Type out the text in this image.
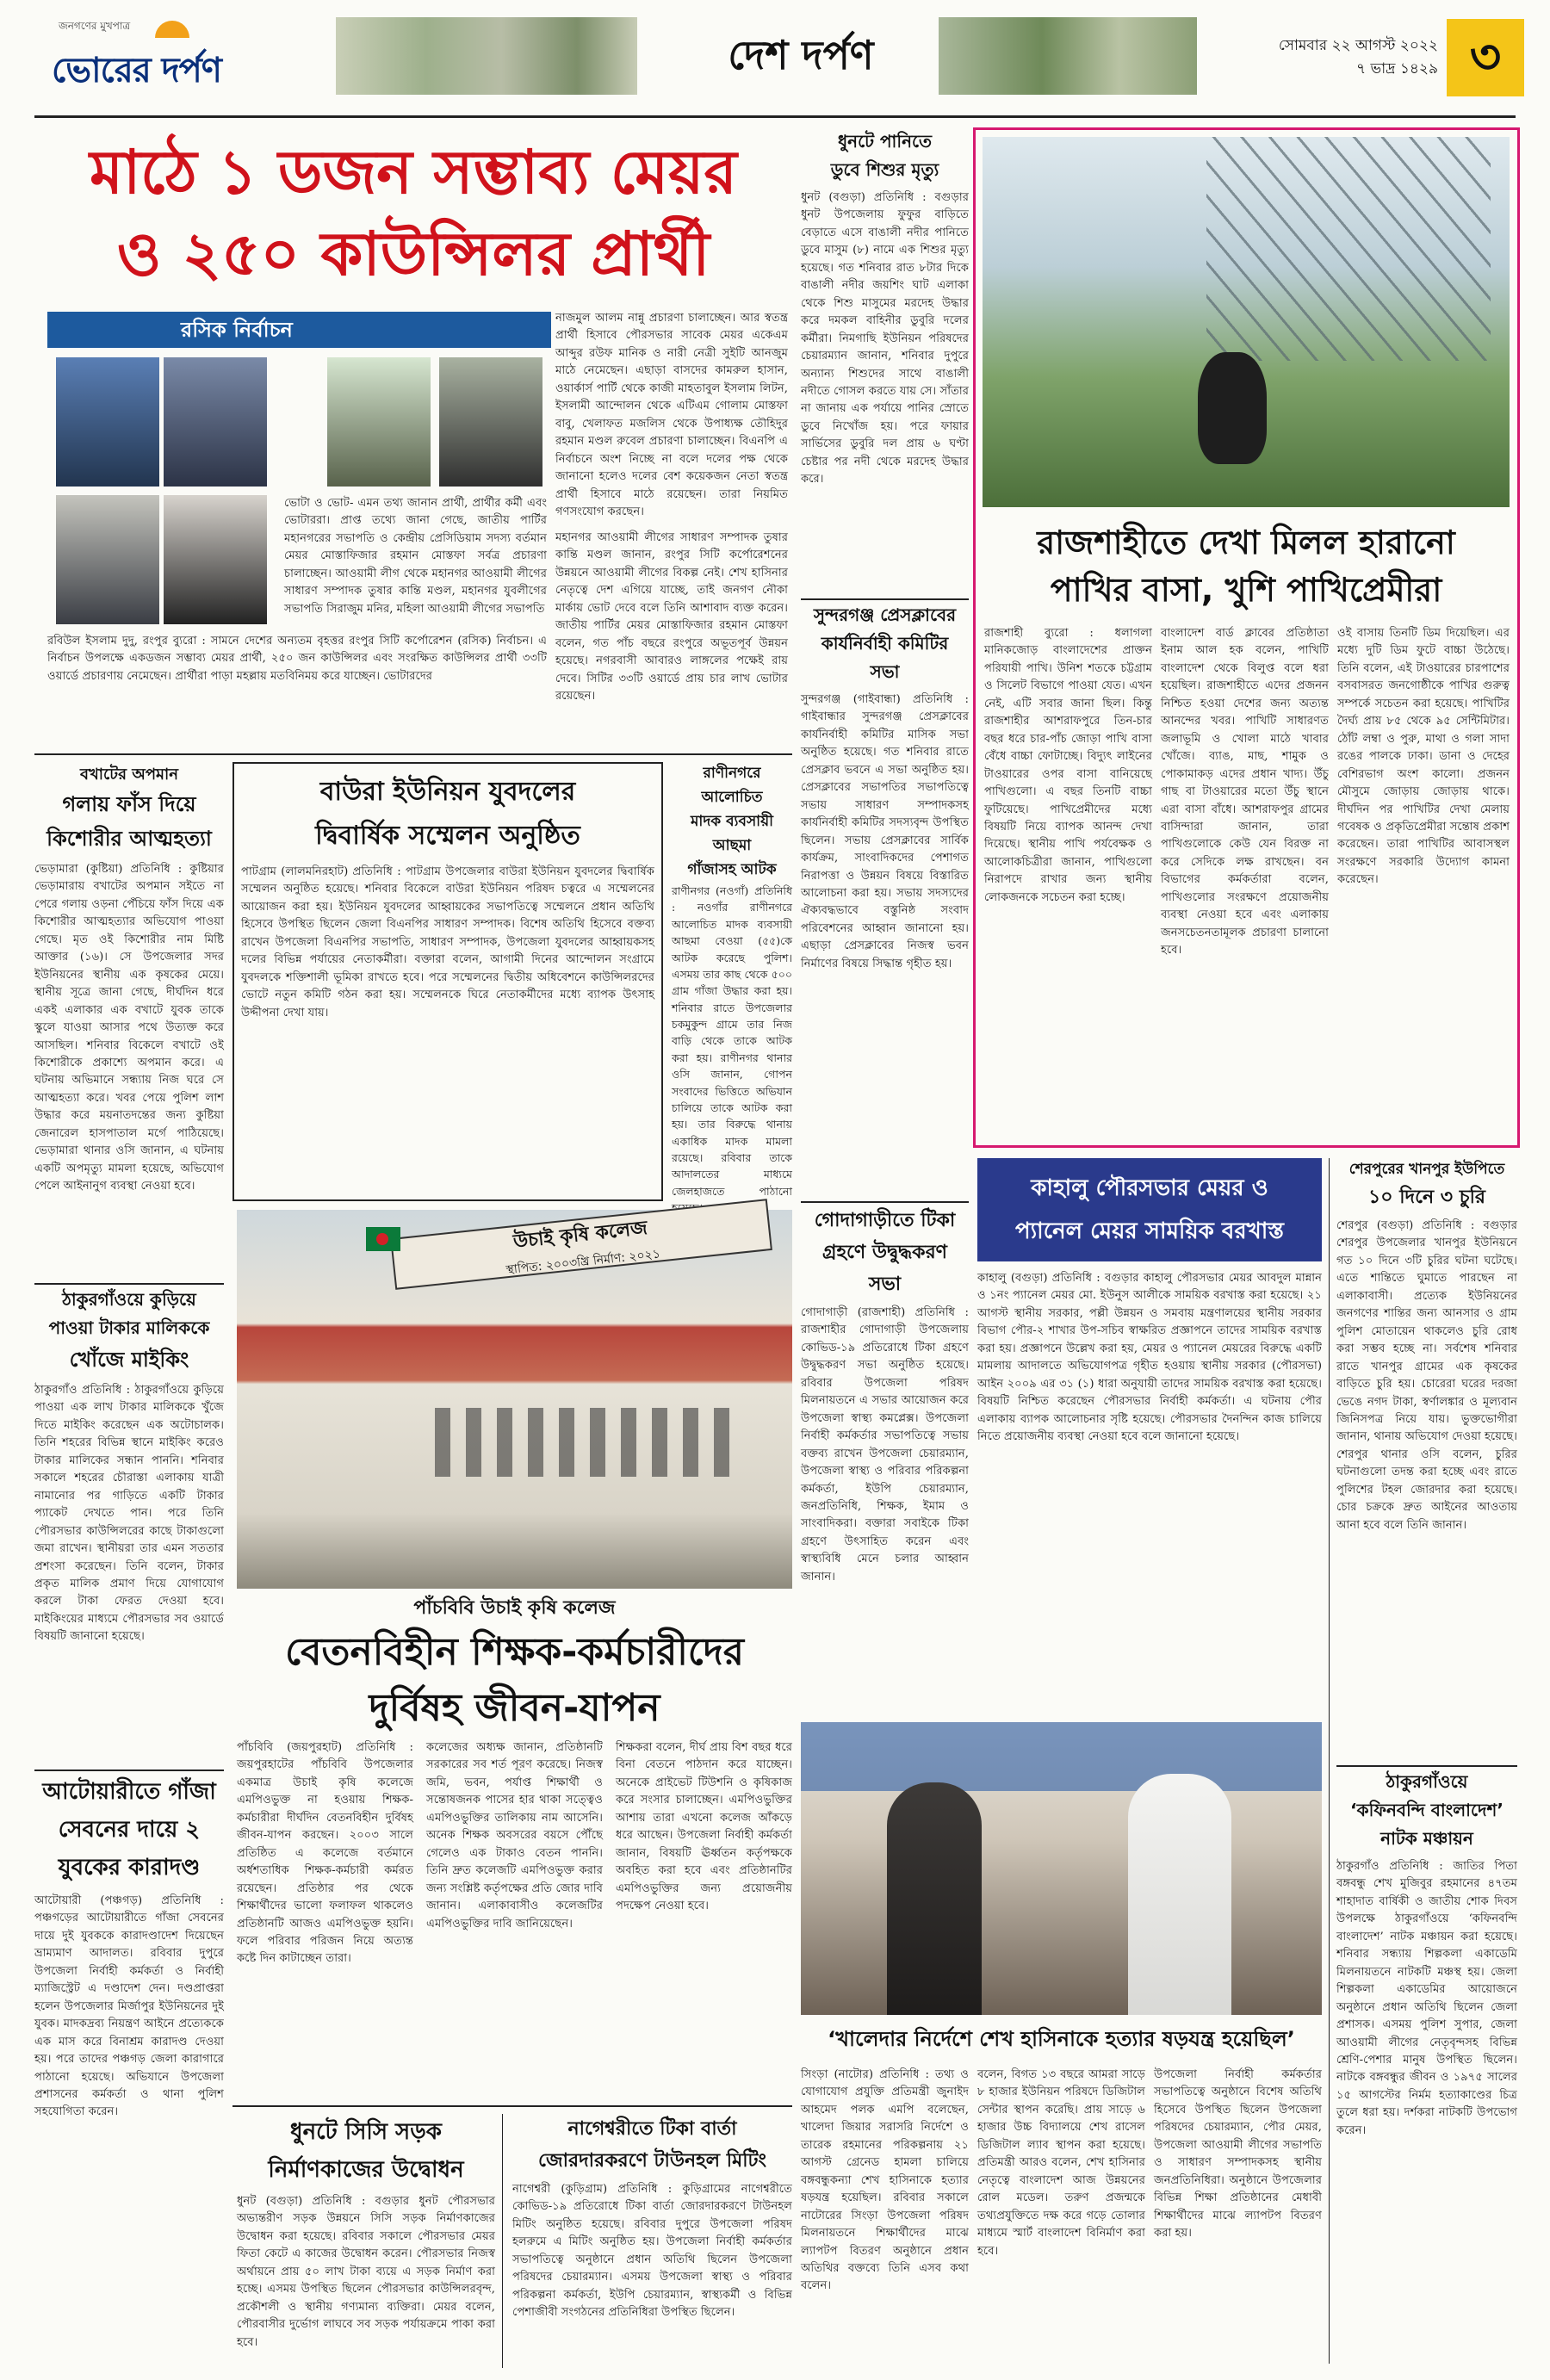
জনগণের মুখপাত্র
ভোরের দর্পণ	দেশ দর্পণ	সোমবার ২২ আগস্ট ২০২২
৭ ভাদ্র ১৪২৯ ৩
মাঠে ১ ডজন সম্ভাব্য মেয়র
ও ২৫০ কাউন্সিলর প্রার্থী
রসিক নির্বাচন
রবিউল ইসলাম দুদু, রংপুর ব্যুরো : সামনে দেশের অন্যতম বৃহত্তর রংপুর সিটি কর্পোরেশন (রসিক) নির্বাচন। এ নির্বাচন উপলক্ষে একডজন সম্ভাব্য মেয়র প্রার্থী, ২৫০ জন কাউন্সিলর এবং সংরক্ষিত কাউন্সিলর প্রার্থী ৩৩টি ওয়ার্ডে প্রচারণায় নেমেছেন। প্রার্থীরা পাড়া মহল্লায় মতবিনিময় করে যাচ্ছেন। ভোটারদের
ভোটা ও ভোট- এমন তথ্য জানান প্রার্থী, প্রার্থীর কর্মী এবং ভোটাররা। প্রাপ্ত তথ্যে জানা গেছে, জাতীয় পার্টির মহানগরের সভাপতি ও কেন্দ্রীয় প্রেসিডিয়াম সদস্য বর্তমান মেয়র মোস্তাফিজার রহমান মোস্তফা সর্বত্র প্রচারণা চালাচ্ছেন। আওয়ামী লীগ থেকে মহানগর আওয়ামী লীগের সাধারণ সম্পাদক তুষার কান্তি মণ্ডল, মহানগর যুবলীগের সভাপতি সিরাজুম মনির, মহিলা আওয়ামী লীগের সভাপতি
নাজমুল আলম নান্নু প্রচারণা চালাচ্ছেন। আর স্বতন্ত্র প্রার্থী হিসাবে পৌরসভার সাবেক মেয়র একেএম আব্দুর রউফ মানিক ও নারী নেত্রী সুইটি আনজুম মাঠে নেমেছেন। এছাড়া বাসদের কামরুল হাসান, ওয়ার্কার্স পার্টি থেকে কাজী মাহতাবুল ইসলাম লিটন, ইসলামী আন্দোলন থেকে এটিএম গোলাম মোস্তফা বাবু, খেলাফত মজলিস থেকে উপাধ্যক্ষ তৌহিদুর রহমান মণ্ডল রুবেল প্রচারণা চালাচ্ছেন। বিএনপি এ নির্বাচনে অংশ নিচ্ছে না বলে দলের পক্ষ থেকে জানানো হলেও দলের বেশ কয়েকজন নেতা স্বতন্ত্র প্রার্থী হিসাবে মাঠে রয়েছেন। তারা নিয়মিত গণসংযোগ করছেন।
মহানগর আওয়ামী লীগের সাধারণ সম্পাদক তুষার কান্তি মণ্ডল জানান, রংপুর সিটি কর্পোরেশনের উন্নয়নে আওয়ামী লীগের বিকল্প নেই। শেখ হাসিনার নেতৃত্বে দেশ এগিয়ে যাচ্ছে, তাই জনগণ নৌকা মার্কায় ভোট দেবে বলে তিনি আশাবাদ ব্যক্ত করেন। জাতীয় পার্টির মেয়র মোস্তাফিজার রহমান মোস্তফা বলেন, গত পাঁচ বছরে রংপুরে অভূতপূর্ব উন্নয়ন হয়েছে। নগরবাসী আবারও লাঙ্গলের পক্ষেই রায় দেবে। সিটির ৩৩টি ওয়ার্ডে প্রায় চার লাখ ভোটার রয়েছেন।
বখাটের অপমান
গলায় ফাঁস দিয়ে
কিশোরীর আত্মহত্যা
ভেড়ামারা (কুষ্টিয়া) প্রতিনিধি : কুষ্টিয়ার ভেড়ামারায় বখাটের অপমান সইতে না পেরে গলায় ওড়না পেঁচিয়ে ফাঁস দিয়ে এক কিশোরীর আত্মহত্যার অভিযোগ পাওয়া গেছে। মৃত ওই কিশোরীর নাম মিষ্টি আক্তার (১৬)। সে উপজেলার সদর ইউনিয়নের স্থানীয় এক কৃষকের মেয়ে। স্থানীয় সূত্রে জানা গেছে, দীর্ঘদিন ধরে একই এলাকার এক বখাটে যুবক তাকে স্কুলে যাওয়া আসার পথে উত্যক্ত করে আসছিল। শনিবার বিকেলে বখাটে ওই কিশোরীকে প্রকাশ্যে অপমান করে। এ ঘটনায় অভিমানে সন্ধ্যায় নিজ ঘরে সে আত্মহত্যা করে। খবর পেয়ে পুলিশ লাশ উদ্ধার করে ময়নাতদন্তের জন্য কুষ্টিয়া জেনারেল হাসপাতাল মর্গে পাঠিয়েছে। ভেড়ামারা থানার ওসি জানান, এ ঘটনায় একটি অপমৃত্যু মামলা হয়েছে, অভিযোগ পেলে আইনানুগ ব্যবস্থা নেওয়া হবে।
ঠাকুরগাঁওয়ে কুড়িয়ে
পাওয়া টাকার মালিককে
খোঁজে মাইকিং
ঠাকুরগাঁও প্রতিনিধি : ঠাকুরগাঁওয়ে কুড়িয়ে পাওয়া এক লাখ টাকার মালিককে খুঁজে দিতে মাইকিং করেছেন এক অটোচালক। তিনি শহরের বিভিন্ন স্থানে মাইকিং করেও টাকার মালিকের সন্ধান পাননি। শনিবার সকালে শহরের চৌরাস্তা এলাকায় যাত্রী নামানোর পর গাড়িতে একটি টাকার প্যাকেট দেখতে পান। পরে তিনি পৌরসভার কাউন্সিলরের কাছে টাকাগুলো জমা রাখেন। স্থানীয়রা তার এমন সততার প্রশংসা করেছেন। তিনি বলেন, টাকার প্রকৃত মালিক প্রমাণ দিয়ে যোগাযোগ করলে টাকা ফেরত দেওয়া হবে। মাইকিংয়ের মাধ্যমে পৌরসভার সব ওয়ার্ডে বিষয়টি জানানো হয়েছে।
আটোয়ারীতে গাঁজা
সেবনের দায়ে ২
যুবকের কারাদণ্ড
আটোয়ারী (পঞ্চগড়) প্রতিনিধি : পঞ্চগড়ের আটোয়ারীতে গাঁজা সেবনের দায়ে দুই যুবককে কারাদণ্ডাদেশ দিয়েছেন ভ্রাম্যমাণ আদালত। রবিবার দুপুরে উপজেলা নির্বাহী কর্মকর্তা ও নির্বাহী ম্যাজিস্ট্রেট এ দণ্ডাদেশ দেন। দণ্ডপ্রাপ্তরা হলেন উপজেলার মির্জাপুর ইউনিয়নের দুই যুবক। মাদকদ্রব্য নিয়ন্ত্রণ আইনে প্রত্যেককে এক মাস করে বিনাশ্রম কারাদণ্ড দেওয়া হয়। পরে তাদের পঞ্চগড় জেলা কারাগারে পাঠানো হয়েছে। অভিযানে উপজেলা প্রশাসনের কর্মকর্তা ও থানা পুলিশ সহযোগিতা করেন।
বাউরা ইউনিয়ন যুবদলের
দ্বিবার্ষিক সম্মেলন অনুষ্ঠিত
পাটগ্রাম (লালমনিরহাট) প্রতিনিধি : পাটগ্রাম উপজেলার বাউরা ইউনিয়ন যুবদলের দ্বিবার্ষিক সম্মেলন অনুষ্ঠিত হয়েছে। শনিবার বিকেলে বাউরা ইউনিয়ন পরিষদ চত্বরে এ সম্মেলনের আয়োজন করা হয়। ইউনিয়ন যুবদলের আহ্বায়কের সভাপতিত্বে সম্মেলনে প্রধান অতিথি হিসেবে উপস্থিত ছিলেন জেলা বিএনপির সাধারণ সম্পাদক। বিশেষ অতিথি হিসেবে বক্তব্য রাখেন উপজেলা বিএনপির সভাপতি, সাধারণ সম্পাদক, উপজেলা যুবদলের আহ্বায়কসহ দলের বিভিন্ন পর্যায়ের নেতাকর্মীরা। বক্তারা বলেন, আগামী দিনের আন্দোলন সংগ্রামে যুবদলকে শক্তিশালী ভূমিকা রাখতে হবে। পরে সম্মেলনের দ্বিতীয় অধিবেশনে কাউন্সিলরদের ভোটে নতুন কমিটি গঠন করা হয়। সম্মেলনকে ঘিরে নেতাকর্মীদের মধ্যে ব্যাপক উৎসাহ উদ্দীপনা দেখা যায়।
রাণীনগরে আলোচিত
মাদক ব্যবসায়ী আছমা
গাঁজাসহ আটক
রাণীনগর (নওগাঁ) প্রতিনিধি : নওগাঁর রাণীনগরে আলোচিত মাদক ব্যবসায়ী আছমা বেওয়া (৫৫)কে আটক করেছে পুলিশ। এসময় তার কাছ থেকে ৫০০ গ্রাম গাঁজা উদ্ধার করা হয়। শনিবার রাতে উপজেলার চকমুকুন্দ গ্রামে তার নিজ বাড়ি থেকে তাকে আটক করা হয়। রাণীনগর থানার ওসি জানান, গোপন সংবাদের ভিত্তিতে অভিযান চালিয়ে তাকে আটক করা হয়। তার বিরুদ্ধে থানায় একাধিক মাদক মামলা রয়েছে। রবিবার তাকে আদালতের মাধ্যমে জেলহাজতে পাঠানো
উচাই কৃষি কলেজ
স্থাপিত: ২০০৩খ্রি নির্মাণ: ২০২১
পাঁচবিবি উচাই কৃষি কলেজ
বেতনবিহীন শিক্ষক-কর্মচারীদের
দুর্বিষহ জীবন-যাপন
পাঁচবিবি (জয়পুরহাট) প্রতিনিধি : জয়পুরহাটের পাঁচবিবি উপজেলার একমাত্র উচাই কৃষি কলেজে এমপিওভুক্ত না হওয়ায় শিক্ষক-কর্মচারীরা দীর্ঘদিন বেতনবিহীন দুর্বিষহ জীবন-যাপন করছেন। ২০০৩ সালে প্রতিষ্ঠিত এ কলেজে বর্তমানে অর্ধশতাধিক শিক্ষক-কর্মচারী কর্মরত রয়েছেন। প্রতিষ্ঠার পর থেকে শিক্ষার্থীদের ভালো ফলাফল থাকলেও প্রতিষ্ঠানটি আজও এমপিওভুক্ত হয়নি। ফলে পরিবার পরিজন নিয়ে অত্যন্ত কষ্টে দিন কাটাচ্ছেন তারা।
কলেজের অধ্যক্ষ জানান, প্রতিষ্ঠানটি সরকারের সব শর্ত পূরণ করেছে। নিজস্ব জমি, ভবন, পর্যাপ্ত শিক্ষার্থী ও সন্তোষজনক পাসের হার থাকা সত্ত্বেও এমপিওভুক্তির তালিকায় নাম আসেনি। অনেক শিক্ষক অবসরের বয়সে পৌঁছে গেলেও এক টাকাও বেতন পাননি। তিনি দ্রুত কলেজটি এমপিওভুক্ত করার জন্য সংশ্লিষ্ট কর্তৃপক্ষের প্রতি জোর দাবি জানান। এলাকাবাসীও কলেজটির এমপিওভুক্তির দাবি জানিয়েছেন।
শিক্ষকরা বলেন, দীর্ঘ প্রায় বিশ বছর ধরে বিনা বেতনে পাঠদান করে যাচ্ছেন। অনেকে প্রাইভেট টিউশনি ও কৃষিকাজ করে সংসার চালাচ্ছেন। এমপিওভুক্তির আশায় তারা এখনো কলেজ আঁকড়ে ধরে আছেন। উপজেলা নির্বাহী কর্মকর্তা জানান, বিষয়টি ঊর্ধ্বতন কর্তৃপক্ষকে অবহিত করা হবে এবং প্রতিষ্ঠানটির এমপিওভুক্তির জন্য প্রয়োজনীয় পদক্ষেপ নেওয়া হবে।
ধুনটে সিসি সড়ক
নির্মাণকাজের উদ্বোধন
ধুনট (বগুড়া) প্রতিনিধি : বগুড়ার ধুনট পৌরসভার অভ্যন্তরীণ সড়ক উন্নয়নে সিসি সড়ক নির্মাণকাজের উদ্বোধন করা হয়েছে। রবিবার সকালে পৌরসভার মেয়র ফিতা কেটে এ কাজের উদ্বোধন করেন। পৌরসভার নিজস্ব অর্থায়নে প্রায় ৫০ লাখ টাকা ব্যয়ে এ সড়ক নির্মাণ করা হচ্ছে। এসময় উপস্থিত ছিলেন পৌরসভার কাউন্সিলরবৃন্দ, প্রকৌশলী ও স্থানীয় গণ্যমান্য ব্যক্তিরা। মেয়র বলেন, পৌরবাসীর দুর্ভোগ লাঘবে সব সড়ক পর্যায়ক্রমে পাকা করা হবে।
নাগেশ্বরীতে টিকা বার্তা
জোরদারকরণে টাউনহল মিটিং
নাগেশ্বরী (কুড়িগ্রাম) প্রতিনিধি : কুড়িগ্রামের নাগেশ্বরীতে কোভিড-১৯ প্রতিরোধে টিকা বার্তা জোরদারকরণে টাউনহল মিটিং অনুষ্ঠিত হয়েছে। রবিবার দুপুরে উপজেলা পরিষদ হলরুমে এ মিটিং অনুষ্ঠিত হয়। উপজেলা নির্বাহী কর্মকর্তার সভাপতিত্বে অনুষ্ঠানে প্রধান অতিথি ছিলেন উপজেলা পরিষদের চেয়ারম্যান। এসময় উপজেলা স্বাস্থ্য ও পরিবার পরিকল্পনা কর্মকর্তা, ইউপি চেয়ারম্যান, স্বাস্থ্যকর্মী ও বিভিন্ন পেশাজীবী সংগঠনের প্রতিনিধিরা উপস্থিত ছিলেন।
ধুনটে পানিতে
ডুবে শিশুর মৃত্যু
ধুনট (বগুড়া) প্রতিনিধি : বগুড়ার ধুনট উপজেলায় ফুফুর বাড়িতে বেড়াতে এসে বাঙালী নদীর পানিতে ডুবে মাসুম (৮) নামে এক শিশুর মৃত্যু হয়েছে। গত শনিবার রাত ৮টার দিকে বাঙালী নদীর জয়শিং ঘাট এলাকা থেকে শিশু মাসুমের মরদেহ উদ্ধার করে দমকল বাহিনীর ডুবুরি দলের কর্মীরা। নিমগাছি ইউনিয়ন পরিষদের চেয়ারম্যান জানান, শনিবার দুপুরে অন্যান্য শিশুদের সাথে বাঙালী নদীতে গোসল করতে যায় সে। সাঁতার না জানায় এক পর্যায়ে পানির স্রোতে ডুবে নিখোঁজ হয়। পরে ফায়ার সার্ভিসের ডুবুরি দল প্রায় ৬ ঘণ্টা চেষ্টার পর নদী থেকে মরদেহ উদ্ধার করে।
সুন্দরগঞ্জ প্রেসক্লাবের
কার্যনির্বাহী কমিটির
সভা
সুন্দরগঞ্জ (গাইবান্ধা) প্রতিনিধি : গাইবান্ধার সুন্দরগঞ্জ প্রেসক্লাবের কার্যনির্বাহী কমিটির মাসিক সভা অনুষ্ঠিত হয়েছে। গত শনিবার রাতে প্রেসক্লাব ভবনে এ সভা অনুষ্ঠিত হয়। প্রেসক্লাবের সভাপতির সভাপতিত্বে সভায় সাধারণ সম্পাদকসহ কার্যনির্বাহী কমিটির সদস্যবৃন্দ উপস্থিত ছিলেন। সভায় প্রেসক্লাবের সার্বিক কার্যক্রম, সাংবাদিকদের পেশাগত নিরাপত্তা ও উন্নয়ন বিষয়ে বিস্তারিত আলোচনা করা হয়। সভায় সদস্যদের ঐক্যবদ্ধভাবে বস্তুনিষ্ঠ সংবাদ পরিবেশনের আহ্বান জানানো হয়। এছাড়া প্রেসক্লাবের নিজস্ব ভবন নির্মাণের বিষয়ে সিদ্ধান্ত গৃহীত হয়।
গোদাগাড়ীতে টিকা
গ্রহণে উদ্বুদ্ধকরণ
সভা
গোদাগাড়ী (রাজশাহী) প্রতিনিধি : রাজশাহীর গোদাগাড়ী উপজেলায় কোভিড-১৯ প্রতিরোধে টিকা গ্রহণে উদ্বুদ্ধকরণ সভা অনুষ্ঠিত হয়েছে। রবিবার উপজেলা পরিষদ মিলনায়তনে এ সভার আয়োজন করে উপজেলা স্বাস্থ্য কমপ্লেক্স। উপজেলা নির্বাহী কর্মকর্তার সভাপতিত্বে সভায় বক্তব্য রাখেন উপজেলা চেয়ারম্যান, উপজেলা স্বাস্থ্য ও পরিবার পরিকল্পনা কর্মকর্তা, ইউপি চেয়ারম্যান, জনপ্রতিনিধি, শিক্ষক, ইমাম ও সাংবাদিকরা। বক্তারা সবাইকে টিকা গ্রহণে উৎসাহিত করেন এবং স্বাস্থ্যবিধি মেনে চলার আহ্বান জানান।
রাজশাহীতে দেখা মিলল হারানো
পাখির বাসা, খুশি পাখিপ্রেমীরা
রাজশাহী ব্যুরো : ধলাগলা মানিকজোড় বাংলাদেশের প্রাক্তন পরিযায়ী পাখি। উনিশ শতকে চট্টগ্রাম ও সিলেট বিভাগে পাওয়া যেত। এখন নেই, এটি সবার জানা ছিল। কিন্তু রাজশাহীর আশরাফপুরে তিন-চার বছর ধরে চার-পাঁচ জোড়া পাখি বাসা বেঁধে বাচ্চা ফোটাচ্ছে। বিদ্যুৎ লাইনের টাওয়ারের ওপর বাসা বানিয়েছে পাখিগুলো। এ বছর তিনটি বাচ্চা ফুটিয়েছে। পাখিপ্রেমীদের মধ্যে বিষয়টি নিয়ে ব্যাপক আনন্দ দেখা দিয়েছে। স্থানীয় পাখি পর্যবেক্ষক ও আলোকচিত্রীরা জানান, পাখিগুলো নিরাপদে রাখার জন্য স্থানীয় লোকজনকে সচেতন করা হচ্ছে।
বাংলাদেশ বার্ড ক্লাবের প্রতিষ্ঠাতা ইনাম আল হক বলেন, পাখিটি বাংলাদেশ থেকে বিলুপ্ত বলে ধরা হয়েছিল। রাজশাহীতে এদের প্রজনন নিশ্চিত হওয়া দেশের জন্য অত্যন্ত আনন্দের খবর। পাখিটি সাধারণত জলাভূমি ও খোলা মাঠে খাবার খোঁজে। ব্যাঙ, মাছ, শামুক ও পোকামাকড় এদের প্রধান খাদ্য। উঁচু গাছ বা টাওয়ারের মতো উঁচু স্থানে এরা বাসা বাঁধে। আশরাফপুর গ্রামের বাসিন্দারা জানান, তারা পাখিগুলোকে কেউ যেন বিরক্ত না করে সেদিকে লক্ষ রাখছেন। বন বিভাগের কর্মকর্তারা বলেন, পাখিগুলোর সংরক্ষণে প্রয়োজনীয় ব্যবস্থা নেওয়া হবে এবং এলাকায় জনসচেতনতামূলক প্রচারণা চালানো হবে।
ওই বাসায় তিনটি ডিম দিয়েছিল। এর মধ্যে দুটি ডিম ফুটে বাচ্চা উঠেছে। তিনি বলেন, এই টাওয়ারের চারপাশের বসবাসরত জনগোষ্ঠীকে পাখির গুরুত্ব সম্পর্কে সচেতন করা হয়েছে। পাখিটির দৈর্ঘ্য প্রায় ৮৫ থেকে ৯৫ সেন্টিমিটার। ঠোঁট লম্বা ও পুরু, মাথা ও গলা সাদা রঙের পালকে ঢাকা। ডানা ও দেহের বেশিরভাগ অংশ কালো। প্রজনন মৌসুমে জোড়ায় জোড়ায় থাকে। দীর্ঘদিন পর পাখিটির দেখা মেলায় গবেষক ও প্রকৃতিপ্রেমীরা সন্তোষ প্রকাশ করেছেন। তারা পাখিটির আবাসস্থল সংরক্ষণে সরকারি উদ্যোগ কামনা করেছেন।
কাহালু পৌরসভার মেয়র ও
প্যানেল মেয়র সাময়িক বরখাস্ত
কাহালু (বগুড়া) প্রতিনিধি : বগুড়ার কাহালু পৌরসভার মেয়র আবদুল মান্নান ও ১নং প্যানেল মেয়র মো. ইউনুস আলীকে সাময়িক বরখাস্ত করা হয়েছে। ২১ আগস্ট স্থানীয় সরকার, পল্লী উন্নয়ন ও সমবায় মন্ত্রণালয়ের স্থানীয় সরকার বিভাগ পৌর-২ শাখার উপ-সচিব স্বাক্ষরিত প্রজ্ঞাপনে তাদের সাময়িক বরখাস্ত করা হয়। প্রজ্ঞাপনে উল্লেখ করা হয়, মেয়র ও প্যানেল মেয়রের বিরুদ্ধে একটি মামলায় আদালতে অভিযোগপত্র গৃহীত হওয়ায় স্থানীয় সরকার (পৌরসভা) আইন ২০০৯ এর ৩১ (১) ধারা অনুযায়ী তাদের সাময়িক বরখাস্ত করা হয়েছে। বিষয়টি নিশ্চিত করেছেন পৌরসভার নির্বাহী কর্মকর্তা। এ ঘটনায় পৌর এলাকায় ব্যাপক আলোচনার সৃষ্টি হয়েছে। পৌরসভার দৈনন্দিন কাজ চালিয়ে নিতে প্রয়োজনীয় ব্যবস্থা নেওয়া হবে বলে জানানো হয়েছে।
শেরপুরের খানপুর ইউপিতে
১০ দিনে ৩ চুরি
শেরপুর (বগুড়া) প্রতিনিধি : বগুড়ার শেরপুর উপজেলার খানপুর ইউনিয়নে গত ১০ দিনে ৩টি চুরির ঘটনা ঘটেছে। এতে শান্তিতে ঘুমাতে পারছেন না এলাকাবাসী। প্রত্যেক ইউনিয়নের জনগণের শান্তির জন্য আনসার ও গ্রাম পুলিশ মোতায়েন থাকলেও চুরি রোধ করা সম্ভব হচ্ছে না। সর্বশেষ শনিবার রাতে খানপুর গ্রামের এক কৃষকের বাড়িতে চুরি হয়। চোরেরা ঘরের দরজা ভেঙে নগদ টাকা, স্বর্ণালঙ্কার ও মূল্যবান জিনিসপত্র নিয়ে যায়। ভুক্তভোগীরা জানান, থানায় অভিযোগ দেওয়া হয়েছে। শেরপুর থানার ওসি বলেন, চুরির ঘটনাগুলো তদন্ত করা হচ্ছে এবং রাতে পুলিশের টহল জোরদার করা হয়েছে। চোর চক্রকে দ্রুত আইনের আওতায় আনা হবে বলে তিনি জানান।
ঠাকুরগাঁওয়ে
‘কফিনবন্দি বাংলাদেশ’
নাটক মঞ্চায়ন
ঠাকুরগাঁও প্রতিনিধি : জাতির পিতা বঙ্গবন্ধু শেখ মুজিবুর রহমানের ৪৭তম শাহাদাত বার্ষিকী ও জাতীয় শোক দিবস উপলক্ষে ঠাকুরগাঁওয়ে ‘কফিনবন্দি বাংলাদেশ’ নাটক মঞ্চায়ন করা হয়েছে। শনিবার সন্ধ্যায় শিল্পকলা একাডেমি মিলনায়তনে নাটকটি মঞ্চস্থ হয়। জেলা শিল্পকলা একাডেমির আয়োজনে অনুষ্ঠানে প্রধান অতিথি ছিলেন জেলা প্রশাসক। এসময় পুলিশ সুপার, জেলা আওয়ামী লীগের নেতৃবৃন্দসহ বিভিন্ন শ্রেণি-পেশার মানুষ উপস্থিত ছিলেন। নাটকে বঙ্গবন্ধুর জীবন ও ১৯৭৫ সালের ১৫ আগস্টের নির্মম হত্যাকাণ্ডের চিত্র তুলে ধরা হয়। দর্শকরা নাটকটি উপভোগ করেন।
‘খালেদার নির্দেশে শেখ হাসিনাকে হত্যার ষড়যন্ত্র হয়েছিল’
সিংড়া (নাটোর) প্রতিনিধি : তথ্য ও যোগাযোগ প্রযুক্তি প্রতিমন্ত্রী জুনাইদ আহমেদ পলক এমপি বলেছেন, খালেদা জিয়ার সরাসরি নির্দেশে ও তারেক রহমানের পরিকল্পনায় ২১ আগস্ট গ্রেনেড হামলা চালিয়ে বঙ্গবন্ধুকন্যা শেখ হাসিনাকে হত্যার ষড়যন্ত্র হয়েছিল। রবিবার সকালে নাটোরের সিংড়া উপজেলা পরিষদ মিলনায়তনে শিক্ষার্থীদের মাঝে ল্যাপটপ বিতরণ অনুষ্ঠানে প্রধান অতিথির বক্তব্যে তিনি এসব কথা বলেন।
বলেন, বিগত ১৩ বছরে আমরা সাড়ে ৮ হাজার ইউনিয়ন পরিষদে ডিজিটাল সেন্টার স্থাপন করেছি। প্রায় সাড়ে ৬ হাজার উচ্চ বিদ্যালয়ে শেখ রাসেল ডিজিটাল ল্যাব স্থাপন করা হয়েছে। প্রতিমন্ত্রী আরও বলেন, শেখ হাসিনার নেতৃত্বে বাংলাদেশ আজ উন্নয়নের রোল মডেল। তরুণ প্রজন্মকে তথ্যপ্রযুক্তিতে দক্ষ করে গড়ে তোলার মাধ্যমে স্মার্ট বাংলাদেশ বিনির্মাণ করা হবে।
উপজেলা নির্বাহী কর্মকর্তার সভাপতিত্বে অনুষ্ঠানে বিশেষ অতিথি হিসেবে উপস্থিত ছিলেন উপজেলা পরিষদের চেয়ারম্যান, পৌর মেয়র, উপজেলা আওয়ামী লীগের সভাপতি ও সাধারণ সম্পাদকসহ স্থানীয় জনপ্রতিনিধিরা। অনুষ্ঠানে উপজেলার বিভিন্ন শিক্ষা প্রতিষ্ঠানের মেধাবী শিক্ষার্থীদের মাঝে ল্যাপটপ বিতরণ করা হয়।
